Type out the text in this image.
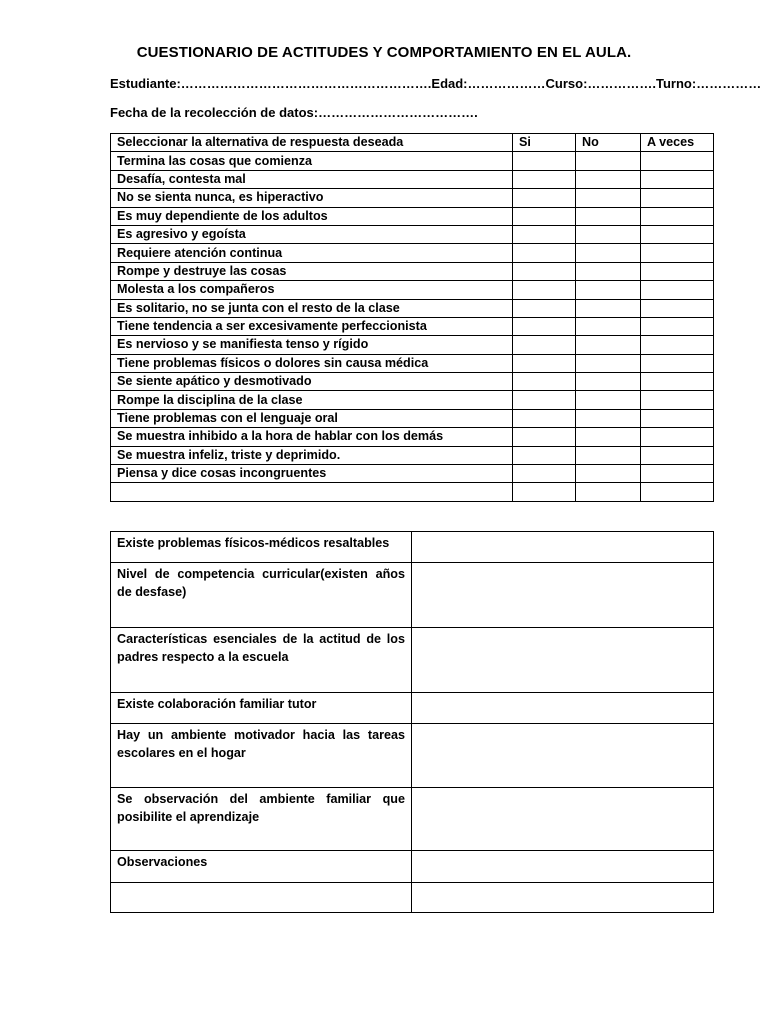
CUESTIONARIO DE ACTITUDES Y COMPORTAMIENTO EN EL AULA.
Estudiante:………………………………………………….Edad:………………Curso:…………….Turno:……………
Fecha de la recolección de datos:……………………………….
Seleccionar la alternativa de respuesta deseada	Si	No	A veces
Termina las cosas que comienza			
Desafía, contesta mal			
No se sienta nunca, es hiperactivo			
Es muy dependiente de los adultos			
Es agresivo y egoísta			
Requiere atención continua			
Rompe y destruye las cosas			
Molesta a los compañeros			
Es solitario, no se junta con el resto de la clase			
Tiene tendencia a ser excesivamente perfeccionista			
Es nervioso y se manifiesta tenso y rígido			
Tiene problemas físicos o dolores sin causa médica			
Se siente apático y desmotivado			
Rompe la disciplina de la clase			
Tiene problemas con el lenguaje oral			
Se muestra inhibido a la hora de hablar con los demás			
Se muestra infeliz, triste y deprimido.			
Piensa y dice cosas incongruentes			

Existe problemas físicos-médicos resaltables	
Nivel de competencia curricular(existen años de desfase)	
Características esenciales de la actitud de los padres respecto a la escuela	
Existe colaboración familiar tutor	
Hay un ambiente motivador hacia las tareas escolares en el hogar	
Se observación del ambiente familiar que posibilite el aprendizaje	
Observaciones	
